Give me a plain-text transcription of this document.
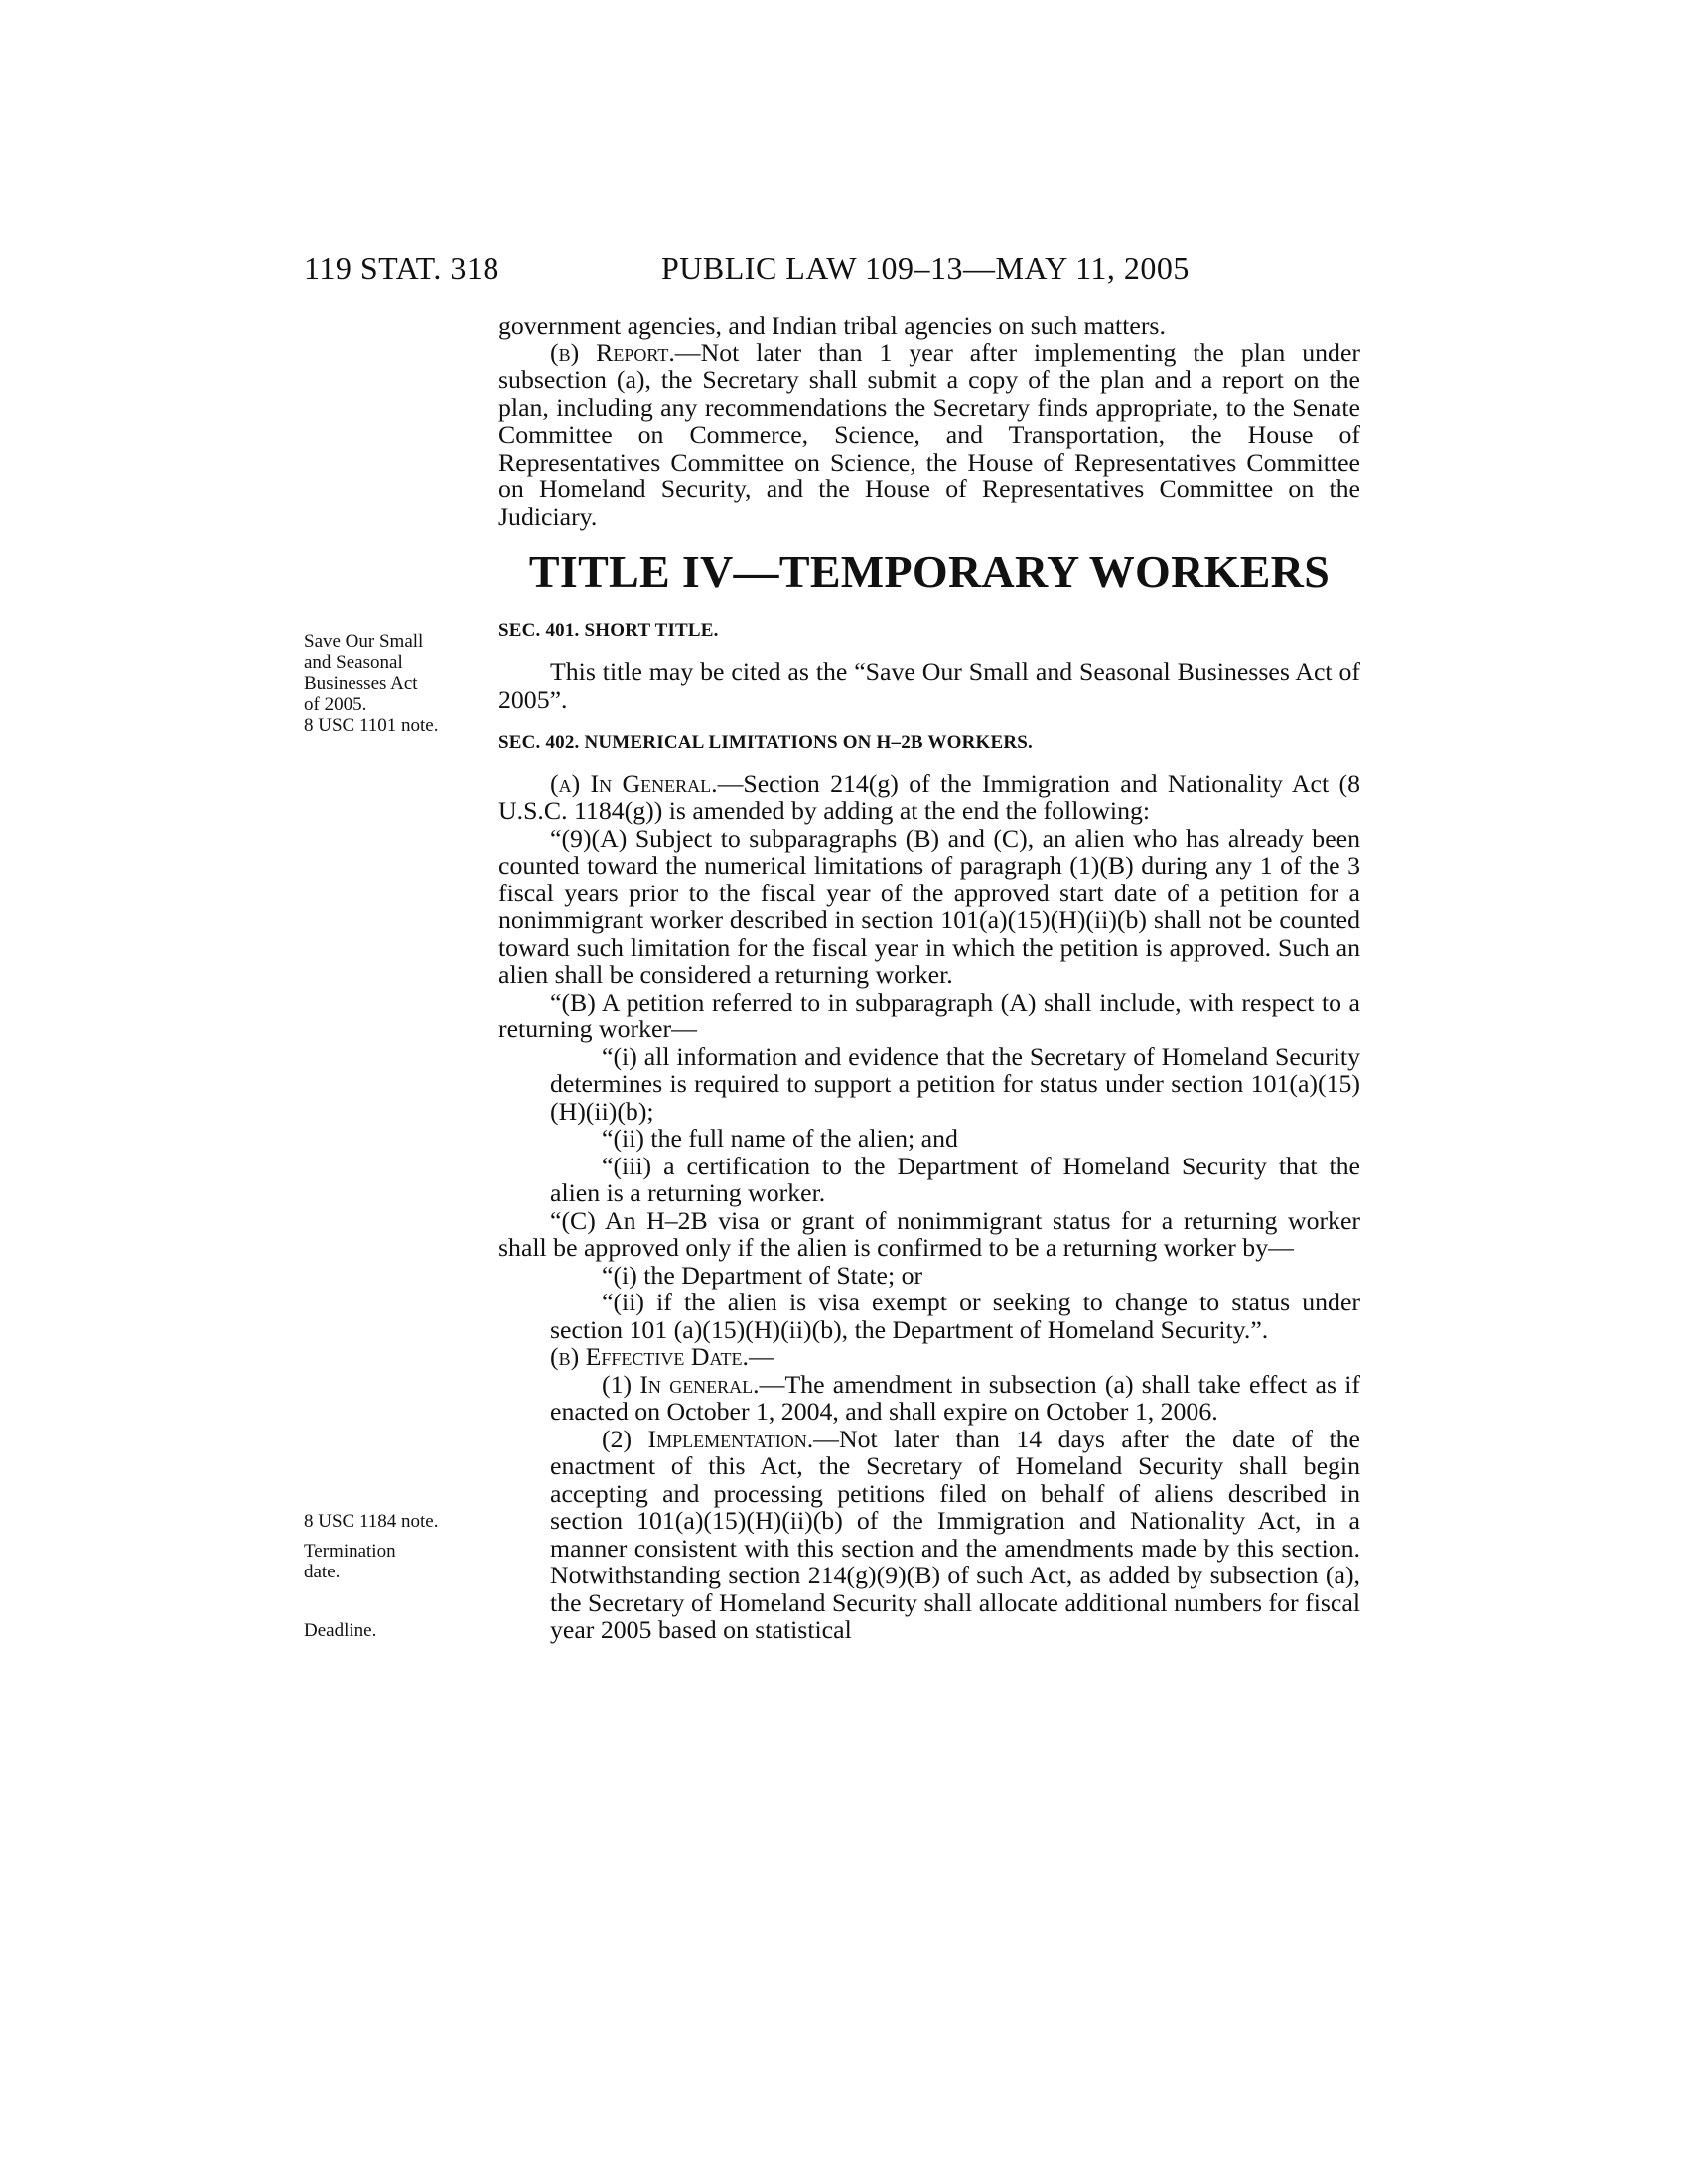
119 STAT. 318	PUBLIC LAW 109–13—MAY 11, 2005
Save Our Small
and Seasonal
Businesses Act
of 2005.
8 USC 1101 note.
8 USC 1184 note.
Termination
date.
Deadline.

government agencies, and Indian tribal agencies on such matters.

(b) Report.—Not later than 1 year after implementing the plan under subsection (a), the Secretary shall submit a copy of the plan and a report on the plan, including any recommendations the Secretary finds appropriate, to the Senate Committee on Commerce, Science, and Transportation, the House of Representatives Committee on Science, the House of Representatives Committee on Homeland Security, and the House of Representatives Committee on the Judiciary.

TITLE IV—TEMPORARY WORKERS
SEC. 401. SHORT TITLE.

This title may be cited as the “Save Our Small and Seasonal Businesses Act of 2005”.

SEC. 402. NUMERICAL LIMITATIONS ON H–2B WORKERS.

(a) In General.—Section 214(g) of the Immigration and Nationality Act (8 U.S.C. 1184(g)) is amended by adding at the end the following:

“(9)(A) Subject to subparagraphs (B) and (C), an alien who has already been counted toward the numerical limitations of paragraph (1)(B) during any 1 of the 3 fiscal years prior to the fiscal year of the approved start date of a petition for a nonimmigrant worker described in section 101(a)(15)(H)(ii)(b) shall not be counted toward such limitation for the fiscal year in which the petition is approved. Such an alien shall be considered a returning worker.

“(B) A petition referred to in subparagraph (A) shall include, with respect to a returning worker—

“(i) all information and evidence that the Secretary of Homeland Security determines is required to support a petition for status under section 101(a)(15)(H)(ii)(b);

“(ii) the full name of the alien; and

“(iii) a certification to the Department of Homeland Security that the alien is a returning worker.

“(C) An H–2B visa or grant of nonimmigrant status for a returning worker shall be approved only if the alien is confirmed to be a returning worker by—

“(i) the Department of State; or

“(ii) if the alien is visa exempt or seeking to change to status under section 101 (a)(15)(H)(ii)(b), the Department of Homeland Security.”.

(b) Effective Date.—

(1) In general.—The amendment in subsection (a) shall take effect as if enacted on October 1, 2004, and shall expire on October 1, 2006.

(2) Implementation.—Not later than 14 days after the date of the enactment of this Act, the Secretary of Homeland Security shall begin accepting and processing petitions filed on behalf of aliens described in section 101(a)(15)(H)(ii)(b) of the Immigration and Nationality Act, in a manner consistent with this section and the amendments made by this section. Notwithstanding section 214(g)(9)(B) of such Act, as added by subsection (a), the Secretary of Homeland Security shall allocate additional numbers for fiscal year 2005 based on statistical
